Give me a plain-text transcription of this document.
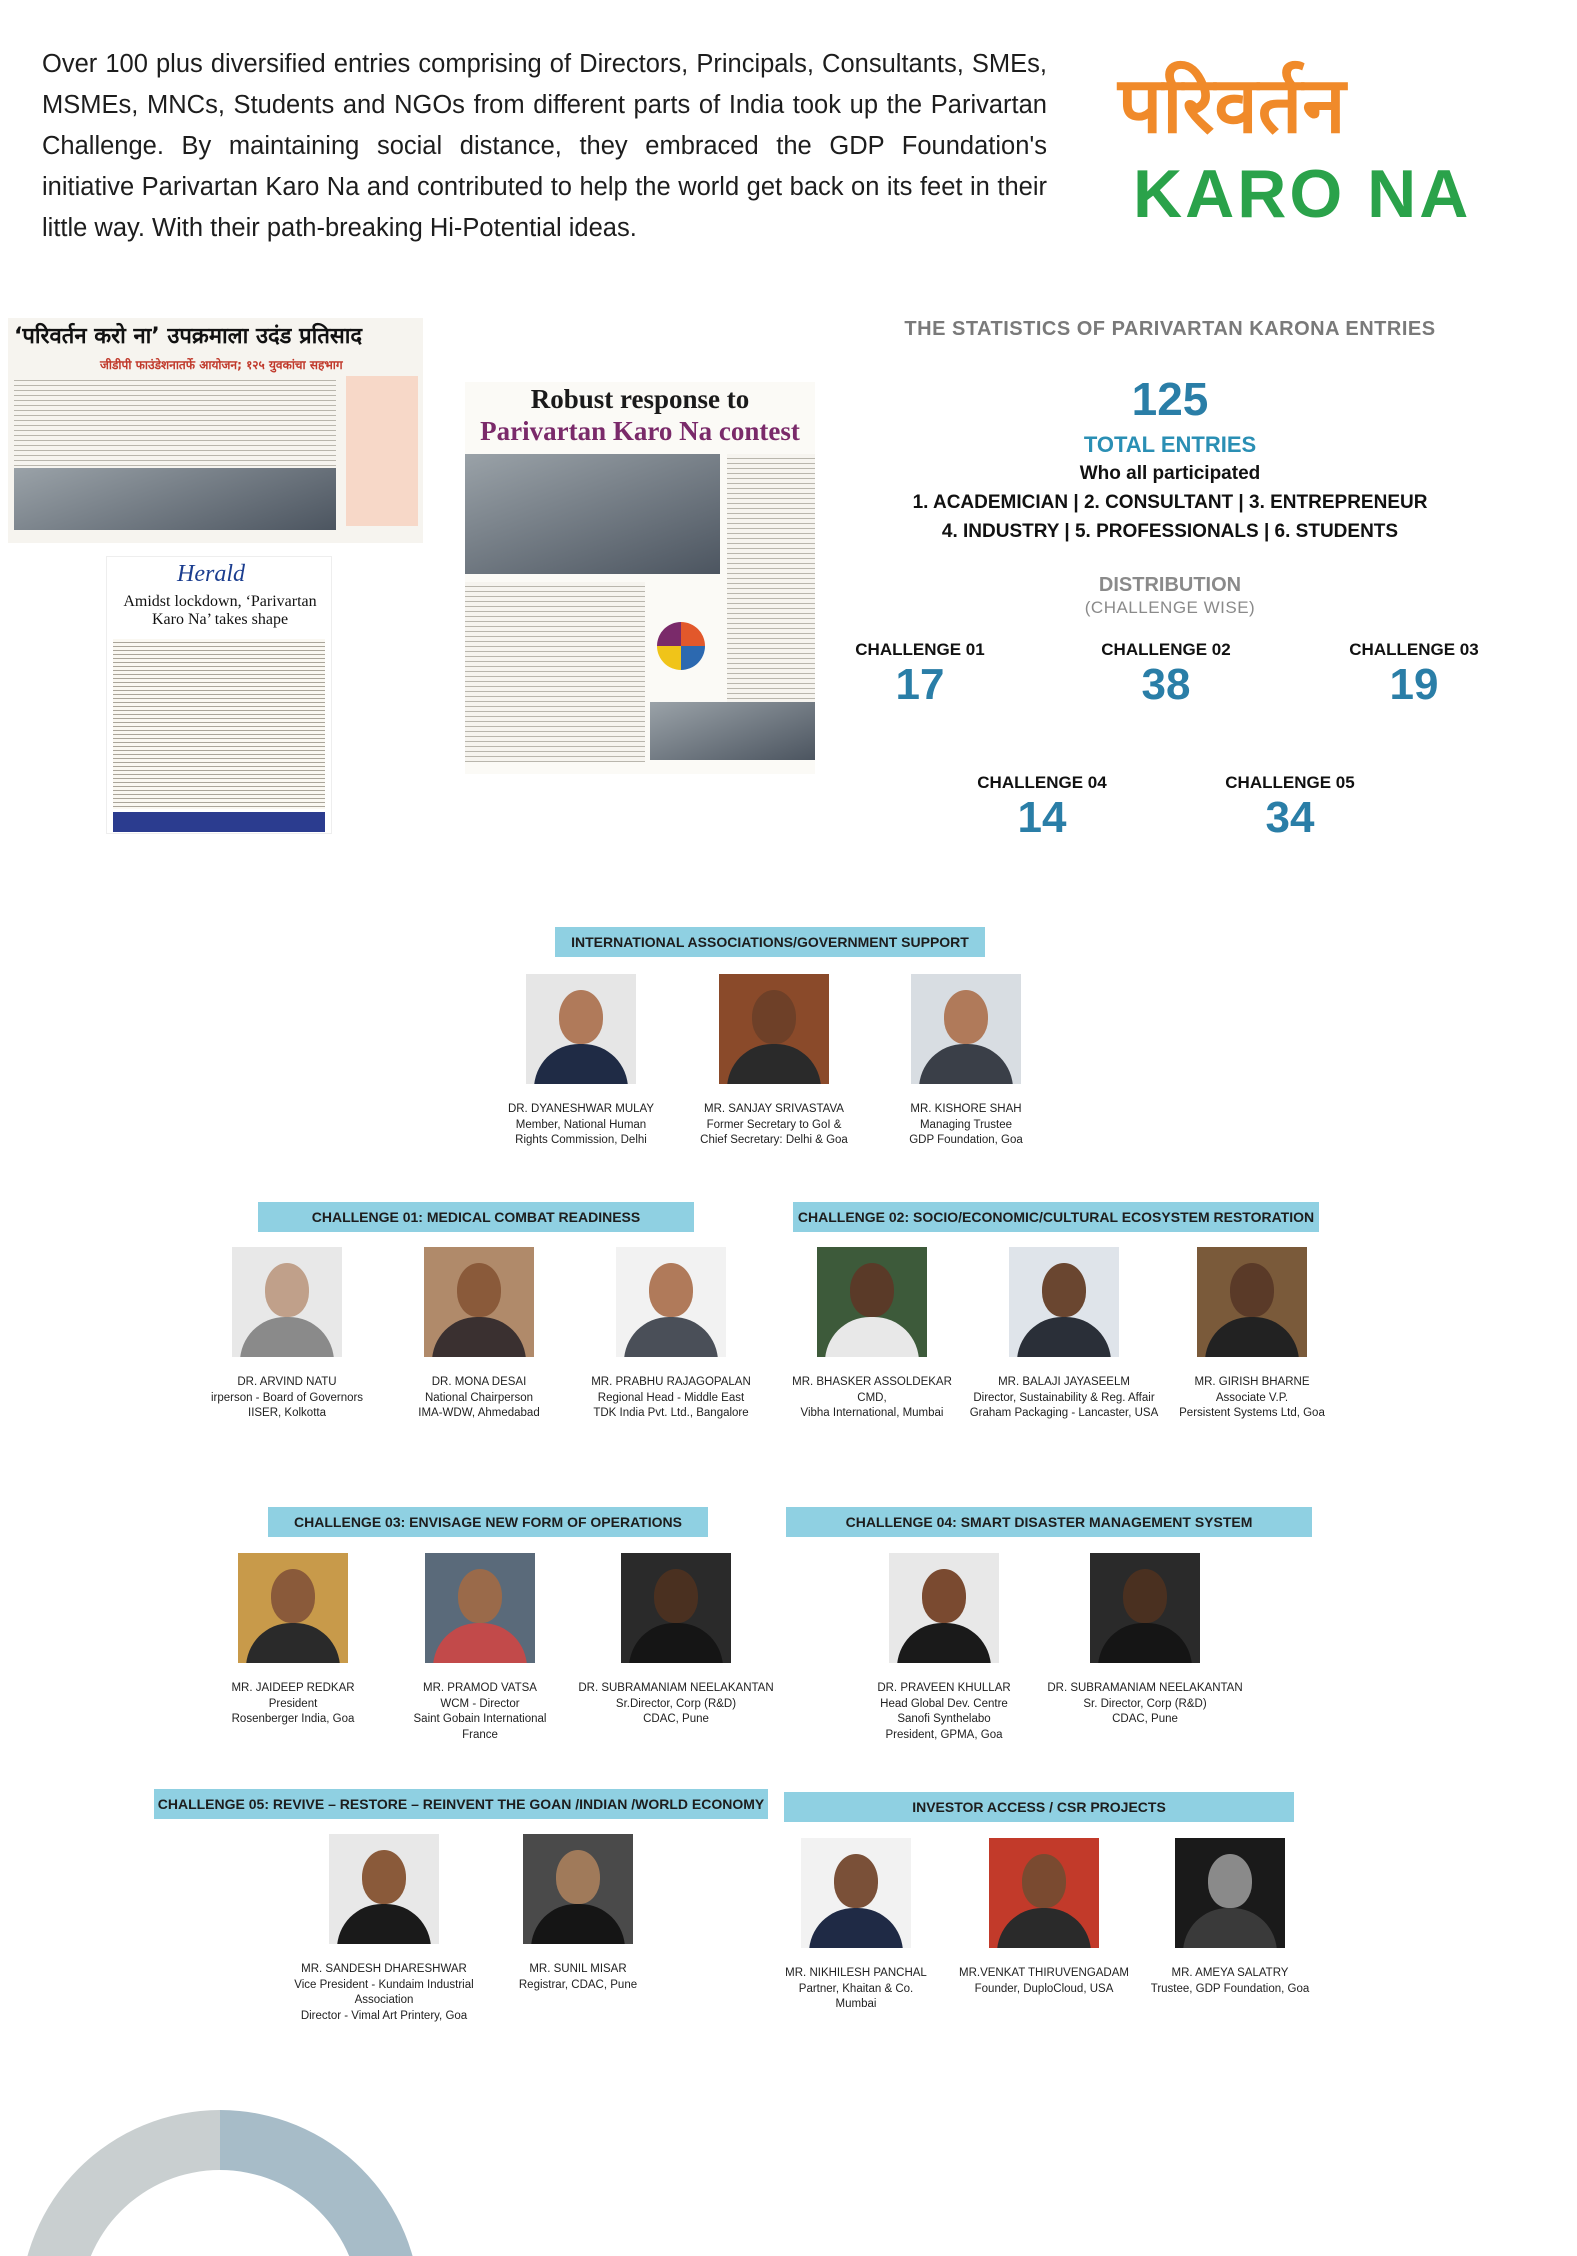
Over 100 plus diversified entries comprising of Directors, Principals, Consultants, SMEs, MSMEs, MNCs, Students and NGOs from different parts of India took up the Parivartan Challenge. By maintaining social distance, they embraced the GDP Foundation's initiative Parivartan Karo Na and contributed to help the world get back on its feet in their little way. With their path-breaking Hi-Potential ideas.
परिवर्तन
KARO NA
‘परिवर्तन करो ना’ उपक्रमाला उदंड प्रतिसाद
जीडीपी फाउंडेशनातर्फे आयोजन; १२५ युवकांचा सहभाग
Herald
Amidst lockdown, ‘Parivartan Karo Na’ takes shape
Robust response to
Parivartan Karo Na contest
THE STATISTICS OF PARIVARTAN KARONA ENTRIES
125
TOTAL ENTRIES
Who all participated
1. ACADEMICIAN | 2. CONSULTANT | 3. ENTREPRENEUR
4. INDUSTRY | 5. PROFESSIONALS | 6. STUDENTS
DISTRIBUTION
(CHALLENGE WISE)
CHALLENGE 01
17
CHALLENGE 02
38
CHALLENGE 03
19
CHALLENGE 04
14
CHALLENGE 05
34
INTERNATIONAL ASSOCIATIONS/GOVERNMENT SUPPORT
DR. DYANESHWAR MULAY
Member, National Human
Rights Commission, Delhi
MR. SANJAY SRIVASTAVA
Former Secretary to GoI &
Chief Secretary: Delhi & Goa
MR. KISHORE SHAH
Managing Trustee
GDP Foundation, Goa
CHALLENGE 01: MEDICAL COMBAT READINESS
DR. ARVIND NATU
irperson - Board of Governors
IISER, Kolkotta
DR. MONA DESAI
National Chairperson
IMA-WDW, Ahmedabad
MR. PRABHU RAJAGOPALAN
Regional Head - Middle East
TDK India Pvt. Ltd., Bangalore
CHALLENGE 02: SOCIO/ECONOMIC/CULTURAL ECOSYSTEM RESTORATION
MR. BHASKER ASSOLDEKAR
CMD,
Vibha International, Mumbai
MR. BALAJI JAYASEELM
Director, Sustainability & Reg. Affair
Graham Packaging - Lancaster, USA
MR. GIRISH BHARNE
Associate V.P.
Persistent Systems Ltd, Goa
CHALLENGE 03: ENVISAGE NEW FORM OF OPERATIONS
MR. JAIDEEP REDKAR
President
Rosenberger India, Goa
MR. PRAMOD VATSA
WCM - Director
Saint Gobain International
France
DR. SUBRAMANIAM NEELAKANTAN
Sr.Director, Corp (R&D)
CDAC, Pune
CHALLENGE 04: SMART DISASTER MANAGEMENT SYSTEM
DR. PRAVEEN KHULLAR
Head Global Dev. Centre
Sanofi Synthelabo
President, GPMA, Goa
DR. SUBRAMANIAM NEELAKANTAN
Sr. Director, Corp (R&D)
CDAC, Pune
CHALLENGE 05: REVIVE – RESTORE – REINVENT THE GOAN /INDIAN /WORLD ECONOMY
MR. SANDESH DHARESHWAR
Vice President - Kundaim Industrial
Association
Director - Vimal Art Printery, Goa
MR. SUNIL MISAR
Registrar, CDAC, Pune
INVESTOR ACCESS / CSR PROJECTS
MR. NIKHILESH PANCHAL
Partner, Khaitan & Co.
Mumbai
MR.VENKAT THIRUVENGADAM
Founder, DuploCloud, USA
MR. AMEYA SALATRY
Trustee, GDP Foundation, Goa
